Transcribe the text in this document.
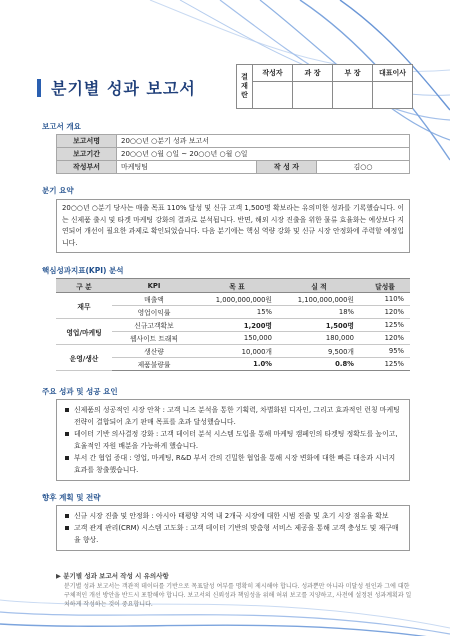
분기별 성과 보고서
결
재
란	작성자	과 장	부 장	대표이사

보고서 개요
보고서명	20○○년 ○분기 성과 보고서		
보고기간	20○○년 ○월 ○일 ~ 20○○년 ○월 ○일		
작성부서	마케팅팀	작 성 자	김○○
분기 요약
20○○년 ○분기 당사는 매출 목표 110% 달성 및 신규 고객 1,500명 확보라는 유의미한 성과를 기록했습니다. 이는 신제품 출시 및 타겟 마케팅 강화의 결과로 분석됩니다. 반면, 해외 시장 진출을 위한 물류 효율화는 예상보다 지연되어 개선이 필요한 과제로 확인되었습니다. 다음 분기에는 핵심 역량 강화 및 신규 시장 안정화에 주력할 예정입니다.
핵심성과지표(KPI) 분석
구 분	KPI	목 표	실 적	달성률
재무	매출액	1,000,000,000원	1,100,000,000원	110%
	영업이익률	15%	18%	120%
영업/마케팅	신규고객확보	1,200명	1,500명	125%
	웹사이트 트래픽	150,000	180,000	120%
운영/생산	생산량	10,000개	9,500개	95%
	제품불량률	1.0%	0.8%	125%
주요 성과 및 성공 요인
신제품의 성공적인 시장 안착 : 고객 니즈 분석을 통한 기획력, 차별화된 디자인, 그리고 효과적인 런칭 마케팅 전략이 결합되어 초기 판매 목표를 초과 달성했습니다.
데이터 기반 의사결정 강화 : 고객 데이터 분석 시스템 도입을 통해 마케팅 캠페인의 타겟팅 정확도를 높이고, 효율적인 자원 배분을 가능하게 했습니다.
부서 간 협업 증대 : 영업, 마케팅, R&D 부서 간의 긴밀한 협업을 통해 시장 변화에 대한 빠른 대응과 시너지 효과를 창출했습니다.
향후 계획 및 전략
신규 시장 진출 및 안정화 : 아시아 태평양 지역 내 2개국 시장에 대한 시범 진출 및 초기 시장 점유율 확보
고객 관계 관리(CRM) 시스템 고도화 : 고객 데이터 기반의 맞춤형 서비스 제공을 통해 고객 충성도 및 재구매율 향상.
▶ 분기별 성과 보고서 작성 시 유의사항
분기별 성과 보고서는 객관적 데이터를 기반으로 목표달성 여부를 명확히 제시해야 합니다. 성과뿐만 아니라 미달성 원인과 그에 대한 구체적인 개선 방안을 반드시 포함해야 합니다. 보고서의 신뢰성과 책임성을 위해 허위 보고를 지양하고, 사전에 설정된 성과계획과 일치하게 작성하는 것이 중요합니다.
